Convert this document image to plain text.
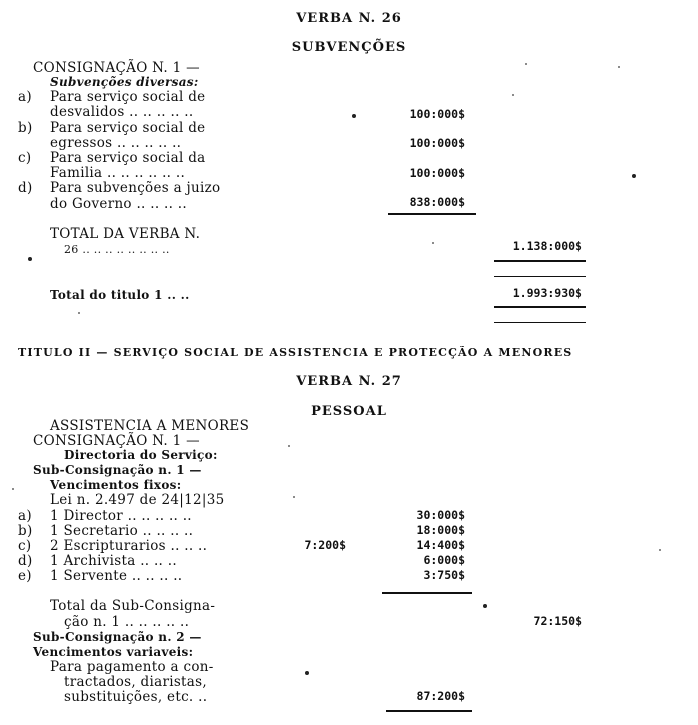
VERBA N. 26
SUBVENÇÕES
CONSIGNAÇÃO N. 1 —
Subvenções diversas:
a) Para serviço social de
desvalidos .. .. .. .. ..	100:000$
b) Para serviço social de
egressos .. .. .. .. ..	100:000$
c) Para serviço social da
Familia .. .. .. .. .. ..	100:000$
d) Para subvenções a juizo
do Governo .. .. .. ..	838:000$
TOTAL DA VERBA N.
26 .. .. .. .. .. .. .. ..	1.138:000$
Total do titulo 1 .. ..	1.993:930$
TITULO II — SERVIÇO SOCIAL DE ASSISTENCIA E PROTECÇÃO A MENORES
VERBA N. 27
PESSOAL
ASSISTENCIA A MENORES
CONSIGNAÇÃO N. 1 —
Directoria do Serviço:
Sub-Consignação n. 1 —
Vencimentos fixos:
Lei n. 2.497 de 24|12|35
a) 1 Director .. .. .. .. ..	30:000$
b) 1 Secretario .. .. .. ..	18:000$
c) 2 Escripturarios .. .. ..	7:200$	14:400$
d) 1 Archivista .. .. ..	6:000$
e) 1 Servente .. .. .. ..	3:750$
Total da Sub-Consigna-
ção n. 1 .. .. .. .. ..	72:150$
Sub-Consignação n. 2 —
Vencimentos variaveis:
Para pagamento a con-
tractados, diaristas,
substituições, etc. ..	87:200$
